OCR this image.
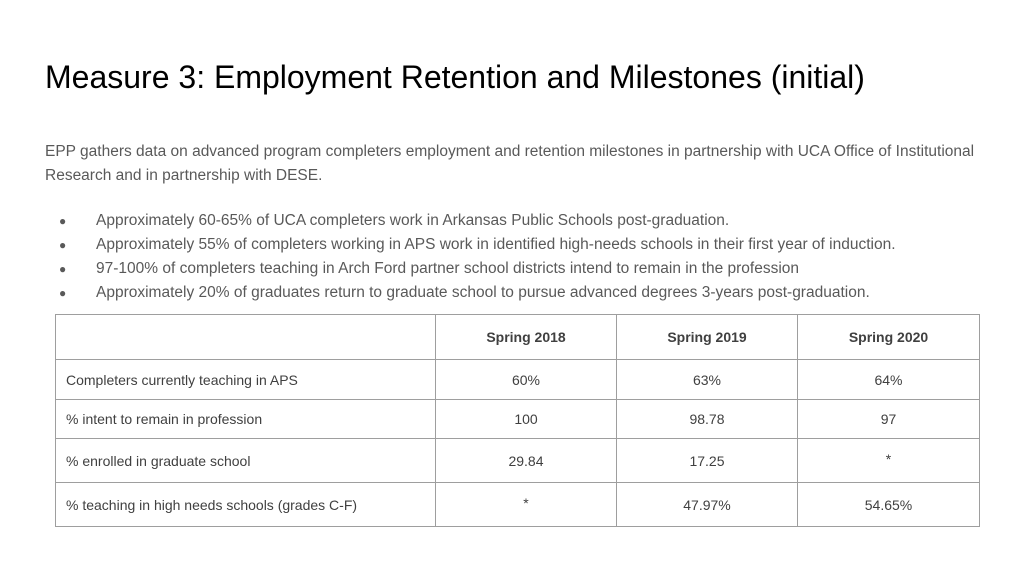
Measure 3: Employment Retention and Milestones (initial)

EPP gathers data on advanced program completers employment and retention milestones in partnership with UCA Office of Institutional Research and in partnership with DESE.

● Approximately 60-65% of UCA completers work in Arkansas Public Schools post-graduation.
● Approximately 55% of completers working in APS work in identified high-needs schools in their first year of induction.
● 97-100% of completers teaching in Arch Ford partner school districts intend to remain in the profession
● Approximately 20% of graduates return to graduate school to pursue advanced degrees 3-years post-graduation.
	Spring 2018	Spring 2019	Spring 2020
Completers currently teaching in APS	60%	63%	64%
% intent to remain in profession	100	98.78	97
% enrolled in graduate school	29.84	17.25	*
% teaching in high needs schools (grades C-F)	*	47.97%	54.65%
